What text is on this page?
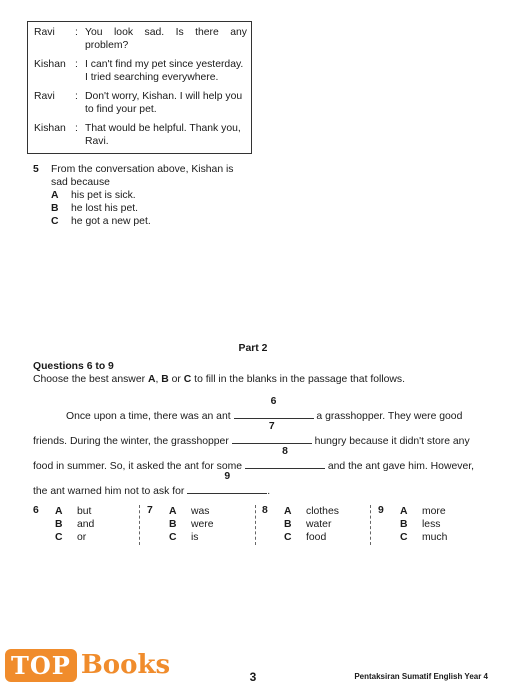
Ravi	: You look sad. Is there any problem?
Kishan : I can't find my pet since yesterday. I tried searching everywhere.
Ravi	: Don't worry, Kishan. I will help you to find your pet.
Kishan : That would be helpful. Thank you, Ravi.
5 From the conversation above, Kishan is sad because
A	his pet is sick.
B	he lost his pet.
C	he got a new pet.
Part 2
Questions 6 to 9
Choose the best answer A, B or C to fill in the blanks in the passage that follows.
Once upon a time, there was an ant
6
a grasshopper. They were good
friends. During the winter, the grasshopper
7
hungry because it didn't store any
food in summer. So, it asked the ant for some
8
and the ant gave him. However,
the ant warned him not to ask for
9
.
6 A	but
B	and
C	or
7 A	was
B	were
C	is
8 A	clothes
B	water
C	food
9 A	more
B	less
C	much
TOP Books	3	Pentaksiran Sumatif English Year 4
